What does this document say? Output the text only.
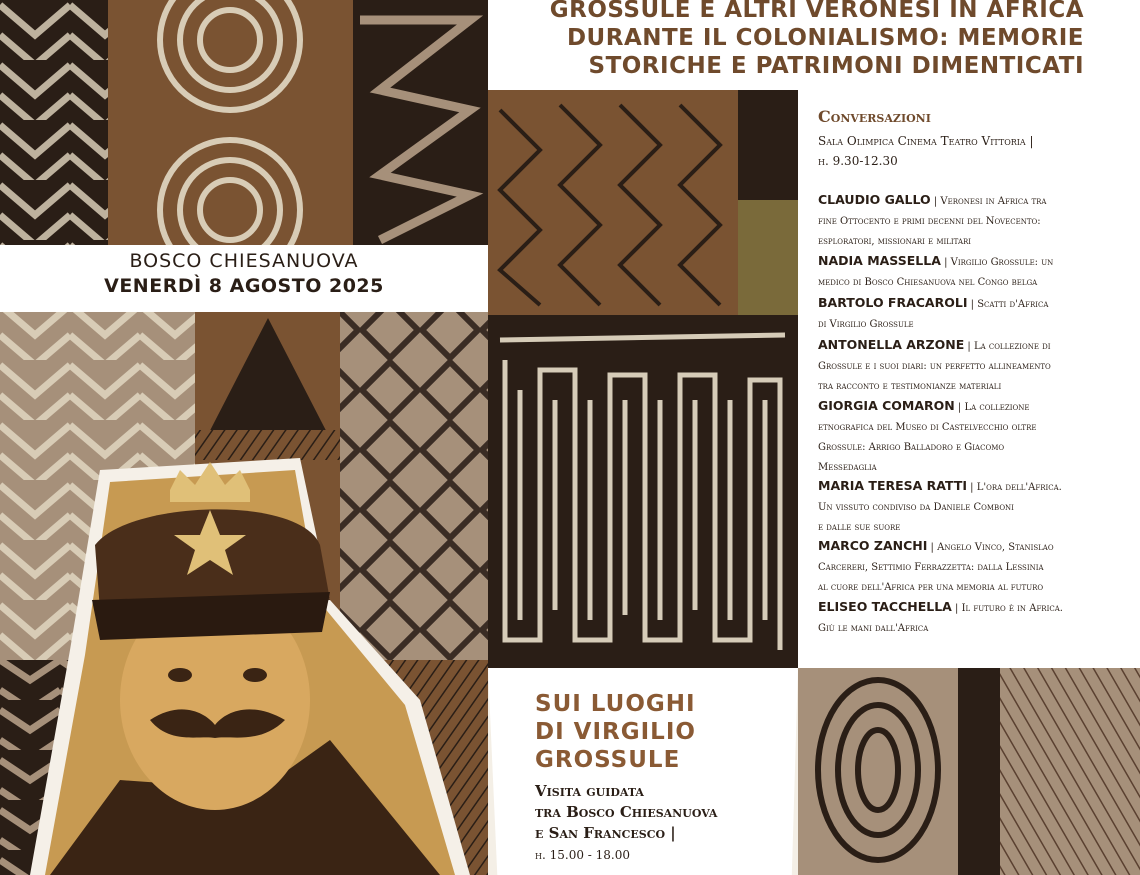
GROSSULE E ALTRI VERONESI IN AFRICA
DURANTE IL COLONIALISMO: MEMORIE
STORICHE E PATRIMONI DIMENTICATI
BOSCO CHIESANUOVA
VENERDÌ 8 AGOSTO 2025
Conversazioni
Sala Olimpica Cinema Teatro Vittoria |
h. 9.30-12.30
CLAUDIO GALLO | Veronesi in Africa tra
fine Ottocento e primi decenni del Novecento:
esploratori, missionari e militari
NADIA MASSELLA | Virgilio Grossule: un
medico di Bosco Chiesanuova nel Congo belga
BARTOLO FRACAROLI | Scatti d'Africa
di Virgilio Grossule
ANTONELLA ARZONE | La collezione di
Grossule e i suoi diari: un perfetto allineamento
tra racconto e testimonianze materiali
GIORGIA COMARON | La collezione
etnografica del Museo di Castelvecchio oltre
Grossule: Arrigo Balladoro e Giacomo
Messedaglia
MARIA TERESA RATTI | L'ora dell'Africa.
Un vissuto condiviso da Daniele Comboni
e dalle sue suore
MARCO ZANCHI | Angelo Vinco, Stanislao
Carcereri, Settimio Ferrazzetta: dalla Lessinia
al cuore dell'Africa per una memoria al futuro
ELISEO TACCHELLA | Il futuro è in Africa.
Giù le mani dall'Africa
SUI LUOGHI
DI VIRGILIO
GROSSULE
Visita guidata
tra Bosco Chiesanuova
e San Francesco |
h. 15.00 - 18.00
